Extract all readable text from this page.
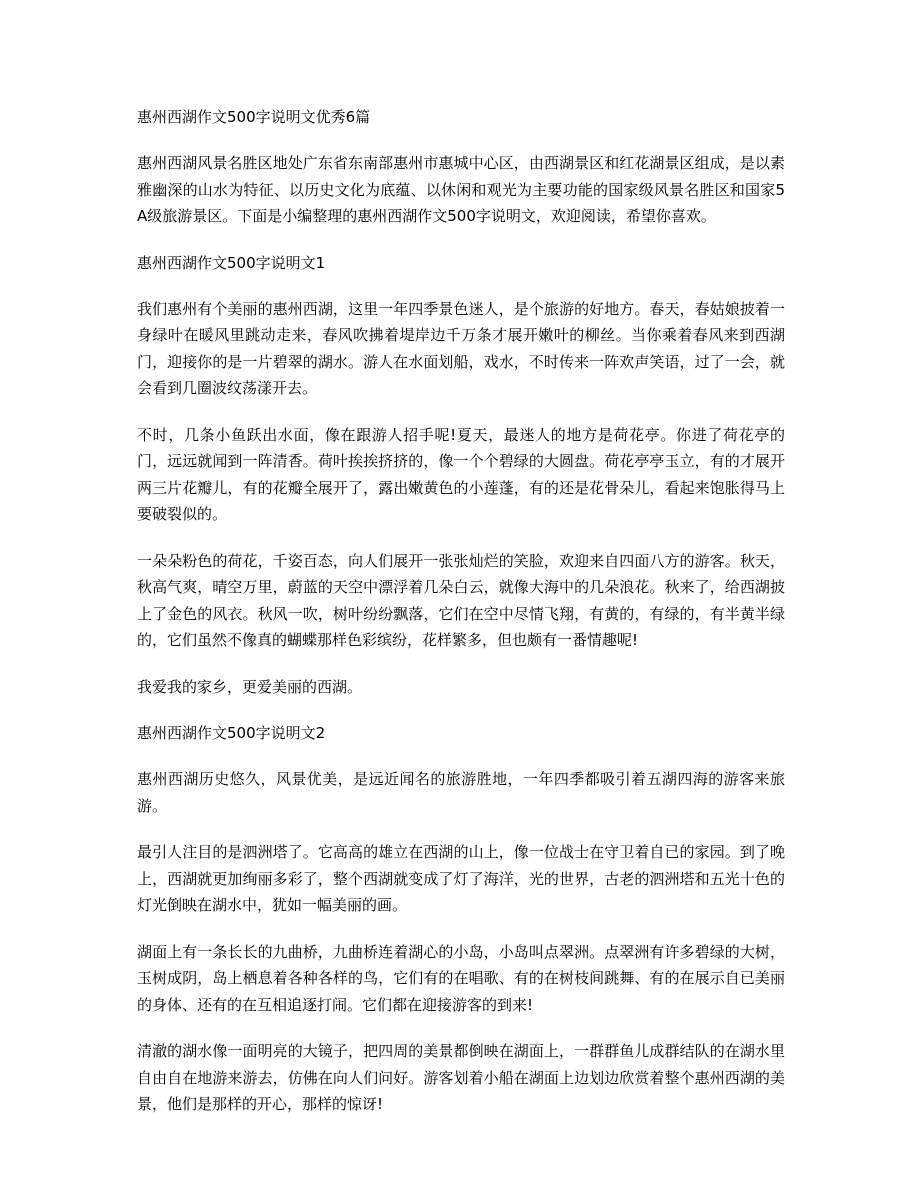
惠州西湖作文500字说明文优秀6篇

惠州西湖风景名胜区地处广东省东南部惠州市惠城中心区，由西湖景区和红花湖景区组成，是以素雅幽深的山水为特征、以历史文化为底蕴、以休闲和观光为主要功能的国家级风景名胜区和国家5A级旅游景区。下面是小编整理的惠州西湖作文500字说明文，欢迎阅读，希望你喜欢。

惠州西湖作文500字说明文1

我们惠州有个美丽的惠州西湖，这里一年四季景色迷人，是个旅游的好地方。春天，春姑娘披着一身绿叶在暖风里跳动走来，春风吹拂着堤岸边千万条才展开嫩叶的柳丝。当你乘着春风来到西湖门，迎接你的是一片碧翠的湖水。游人在水面划船，戏水，不时传来一阵欢声笑语，过了一会，就会看到几圈波纹荡漾开去。

不时，几条小鱼跃出水面，像在跟游人招手呢!夏天，最迷人的地方是荷花亭。你进了荷花亭的门，远远就闻到一阵清香。荷叶挨挨挤挤的，像一个个碧绿的大圆盘。荷花亭亭玉立，有的才展开两三片花瓣儿，有的花瓣全展开了，露出嫩黄色的小莲蓬，有的还是花骨朵儿，看起来饱胀得马上要破裂似的。

一朵朵粉色的荷花，千姿百态，向人们展开一张张灿烂的笑脸，欢迎来自四面八方的游客。秋天，秋高气爽，晴空万里，蔚蓝的天空中漂浮着几朵白云，就像大海中的几朵浪花。秋来了，给西湖披上了金色的风衣。秋风一吹，树叶纷纷飘落，它们在空中尽情飞翔，有黄的，有绿的，有半黄半绿的，它们虽然不像真的蝴蝶那样色彩缤纷，花样繁多，但也颇有一番情趣呢!

我爱我的家乡，更爱美丽的西湖。

惠州西湖作文500字说明文2

惠州西湖历史悠久，风景优美，是远近闻名的旅游胜地，一年四季都吸引着五湖四海的游客来旅游。

最引人注目的是泗洲塔了。它高高的雄立在西湖的山上，像一位战士在守卫着自已的家园。到了晚上，西湖就更加绚丽多彩了，整个西湖就变成了灯了海洋，光的世界，古老的泗洲塔和五光十色的灯光倒映在湖水中，犹如一幅美丽的画。

湖面上有一条长长的九曲桥，九曲桥连着湖心的小岛，小岛叫点翠洲。点翠洲有许多碧绿的大树，玉树成阴，岛上栖息着各种各样的鸟，它们有的在唱歌、有的在树枝间跳舞、有的在展示自已美丽的身体、还有的在互相追逐打闹。它们都在迎接游客的到来!

清澈的湖水像一面明亮的大镜子，把四周的美景都倒映在湖面上，一群群鱼儿成群结队的在湖水里自由自在地游来游去，仿佛在向人们问好。游客划着小船在湖面上边划边欣赏着整个惠州西湖的美景，他们是那样的开心，那样的惊讶!
